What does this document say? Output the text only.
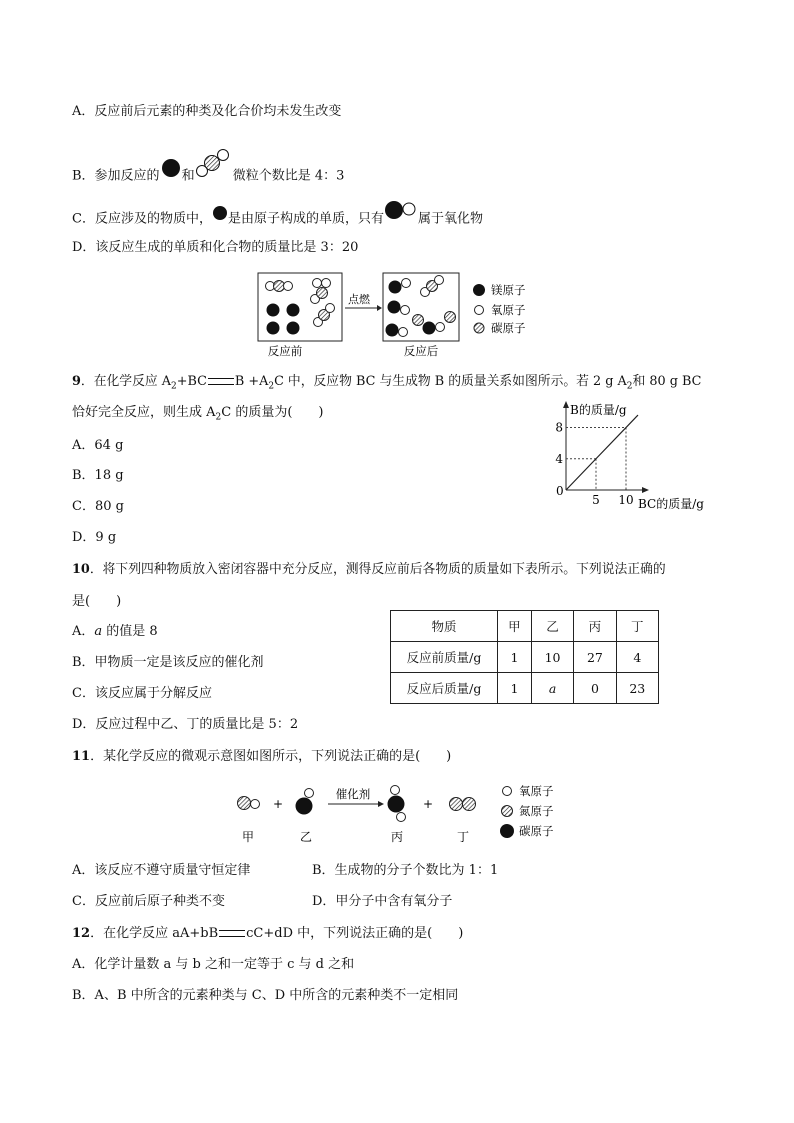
A．反应前后元素的种类及化合价均未发生改变
B．参加反应的 和	微粒个数比是 4：3
C．反应涉及的物质中， 是由原子构成的单质，只有	属于氧化物
D．该反应生成的单质和化合物的质量比是 3：20
反应前
点燃
反应后
镁原子
氧原子
碳原子
9．在化学反应 $A_2+BC$ $B +A_2C$ 中，反应物 BC 与生成物 B 的质量关系如图所示。若 2 g $A_2$和 80 g BC
恰好完全反应，则生成 $A_2C$ 的质量为(　　)
A．64 g
B．18 g
C．80 g
D．9 g
B的质量/g
BC的质量/g
0
4
8
5 10
10．将下列四种物质放入密闭容器中充分反应，测得反应前后各物质的质量如下表所示。下列说法正确的
是(　　)
A．a 的值是 8
B．甲物质一定是该反应的催化剂
C．该反应属于分解反应
D．反应过程中乙、丁的质量比是 5：2
物质	甲	乙	丙	丁
反应前质量/g	1	10	27	4
反应后质量/g	1	a	0	23
11．某化学反应的微观示意图如图所示，下列说法正确的是(　　)
+
催化剂
+
甲	乙	丙	丁
氧原子
氮原子
碳原子
A．该反应不遵守质量守恒定律	B．生成物的分子个数比为 1：1
C．反应前后原子种类不变	D．甲分子中含有氧分子
12．在化学反应 aA+bB cC+dD 中，下列说法正确的是(　　)
A．化学计量数 a 与 b 之和一定等于 c 与 d 之和
B．A、B 中所含的元素种类与 C、D 中所含的元素种类不一定相同
